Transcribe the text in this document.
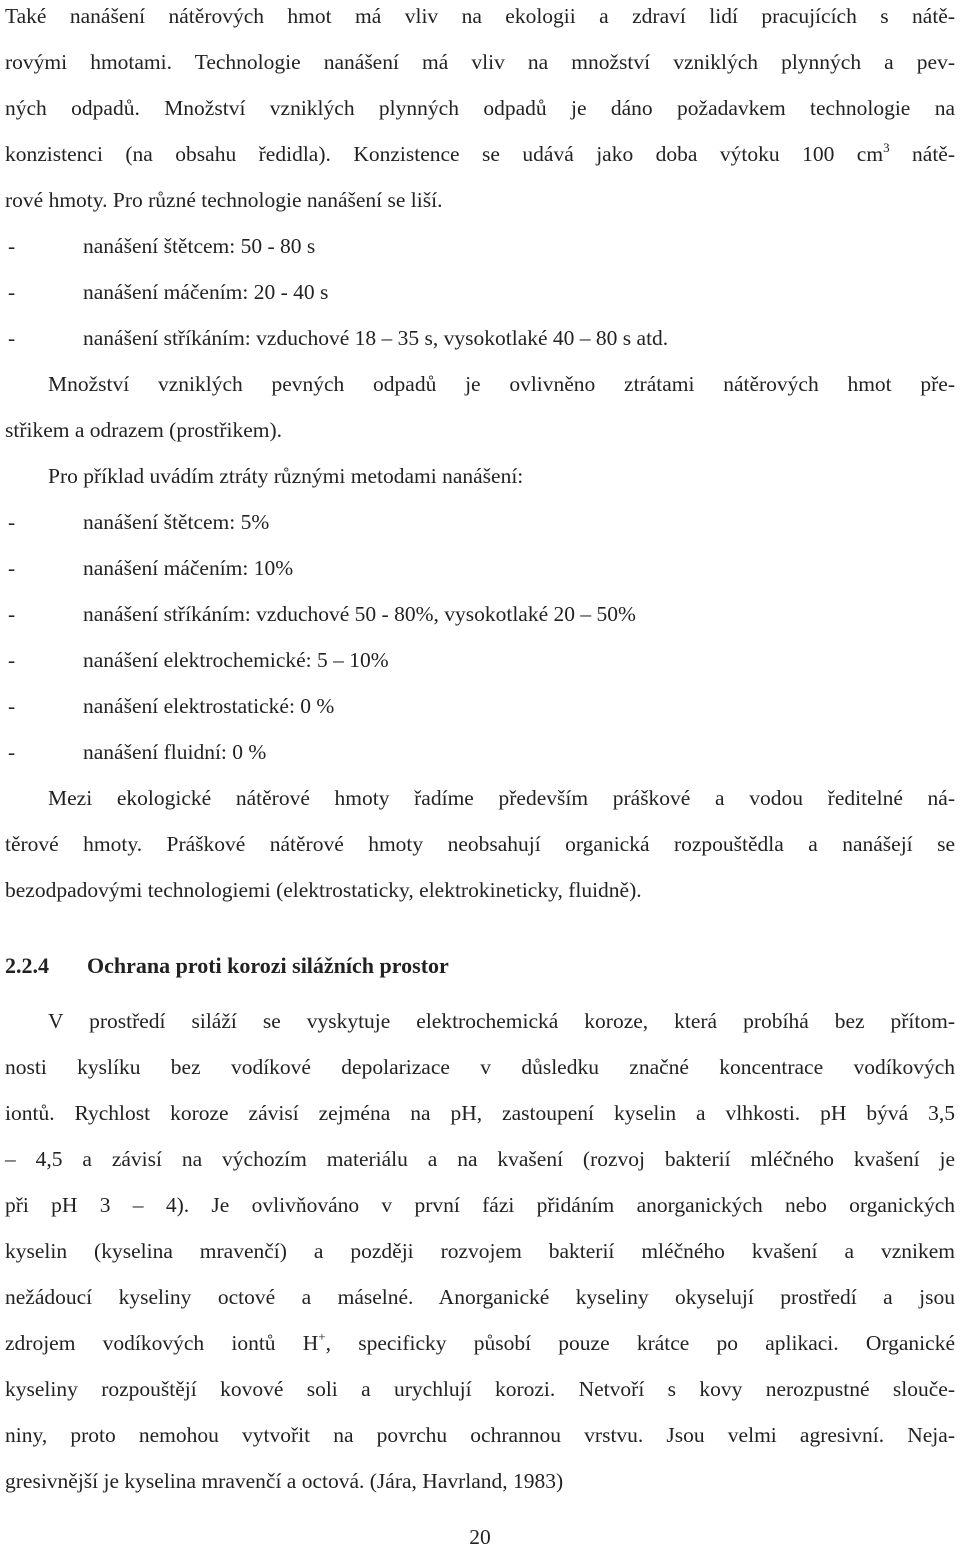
Také nanášení nátěrových hmot má vliv na ekologii a zdraví lidí pracujících s nátě-
rovými hmotami. Technologie nanášení má vliv na množství vzniklých plynných a pev-
ných odpadů. Množství vzniklých plynných odpadů je dáno požadavkem technologie na
konzistenci (na obsahu ředidla). Konzistence se udává jako doba výtoku 100 $cm^3$ nátě-
rové hmoty. Pro různé technologie nanášení se liší.
-	nanášení štětcem: 50 - 80 s
-	nanášení máčením: 20 - 40 s
-	nanášení stříkáním: vzduchové 18 – 35 s, vysokotlaké 40 – 80 s atd.
Množství vzniklých pevných odpadů je ovlivněno ztrátami nátěrových hmot pře-
střikem a odrazem (prostřikem).
Pro příklad uvádím ztráty různými metodami nanášení:
-	nanášení štětcem: 5%
-	nanášení máčením: 10%
-	nanášení stříkáním: vzduchové 50 - 80%, vysokotlaké 20 – 50%
-	nanášení elektrochemické: 5 – 10%
-	nanášení elektrostatické: 0 %
-	nanášení fluidní: 0 %
Mezi ekologické nátěrové hmoty řadíme především práškové a vodou ředitelné ná-
těrové hmoty. Práškové nátěrové hmoty neobsahují organická rozpouštědla a nanášejí se
bezodpadovými technologiemi (elektrostaticky, elektrokineticky, fluidně).
2.2.4 Ochrana proti korozi silážních prostor
V prostředí siláží se vyskytuje elektrochemická koroze, která probíhá bez přítom-
nosti kyslíku bez vodíkové depolarizace v důsledku značné koncentrace vodíkových
iontů. Rychlost koroze závisí zejména na pH, zastoupení kyselin a vlhkosti. pH bývá 3,5
– 4,5 a závisí na výchozím materiálu a na kvašení (rozvoj bakterií mléčného kvašení je
při pH 3 – 4). Je ovlivňováno v první fázi přidáním anorganických nebo organických
kyselin (kyselina mravenčí) a později rozvojem bakterií mléčného kvašení a vznikem
nežádoucí kyseliny octové a máselné. Anorganické kyseliny okyselují prostředí a jsou
zdrojem vodíkových iontů H+, specificky působí pouze krátce po aplikaci. Organické
kyseliny rozpouštějí kovové soli a urychlují korozi. Netvoří s kovy nerozpustné slouče-
niny, proto nemohou vytvořit na povrchu ochrannou vrstvu. Jsou velmi agresivní. Neja-
gresivnější je kyselina mravenčí a octová. (Jára, Havrland, 1983)
20
